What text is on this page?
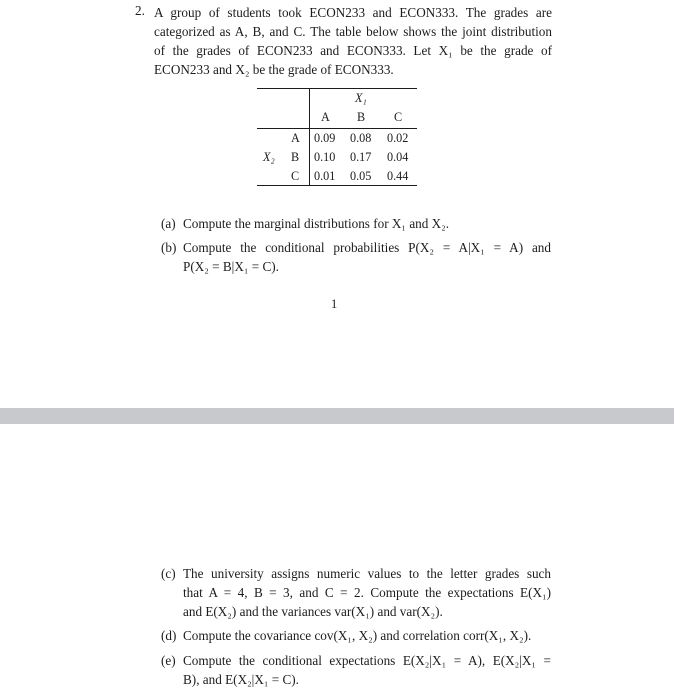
2. A group of students took ECON233 and ECON333. The grades are
categorized as A, B, and C. The table below shows the joint distribution
of the grades of ECON233 and ECON333. Let X₁ be the grade of
ECON233 and X₂ be the grade of ECON333.
X₁
A B C
X₂
A
B
C
0.09 0.08 0.02
0.10 0.17 0.04
0.01 0.05 0.44
(a) Compute the marginal distributions for X₁ and X₂.
(b) Compute the conditional probabilities P(X₂ = A|X₁ = A) and
P(X₂ = B|X₁ = C).
1
(c) The university assigns numeric values to the letter grades such
that A = 4, B = 3, and C = 2. Compute the expectations E(X₁)
and E(X₂) and the variances var(X₁) and var(X₂).
(d) Compute the covariance cov(X₁, X₂) and correlation corr(X₁, X₂).
(e) Compute the conditional expectations E(X₂|X₁ = A), E(X₂|X₁ =
B), and E(X₂|X₁ = C).
